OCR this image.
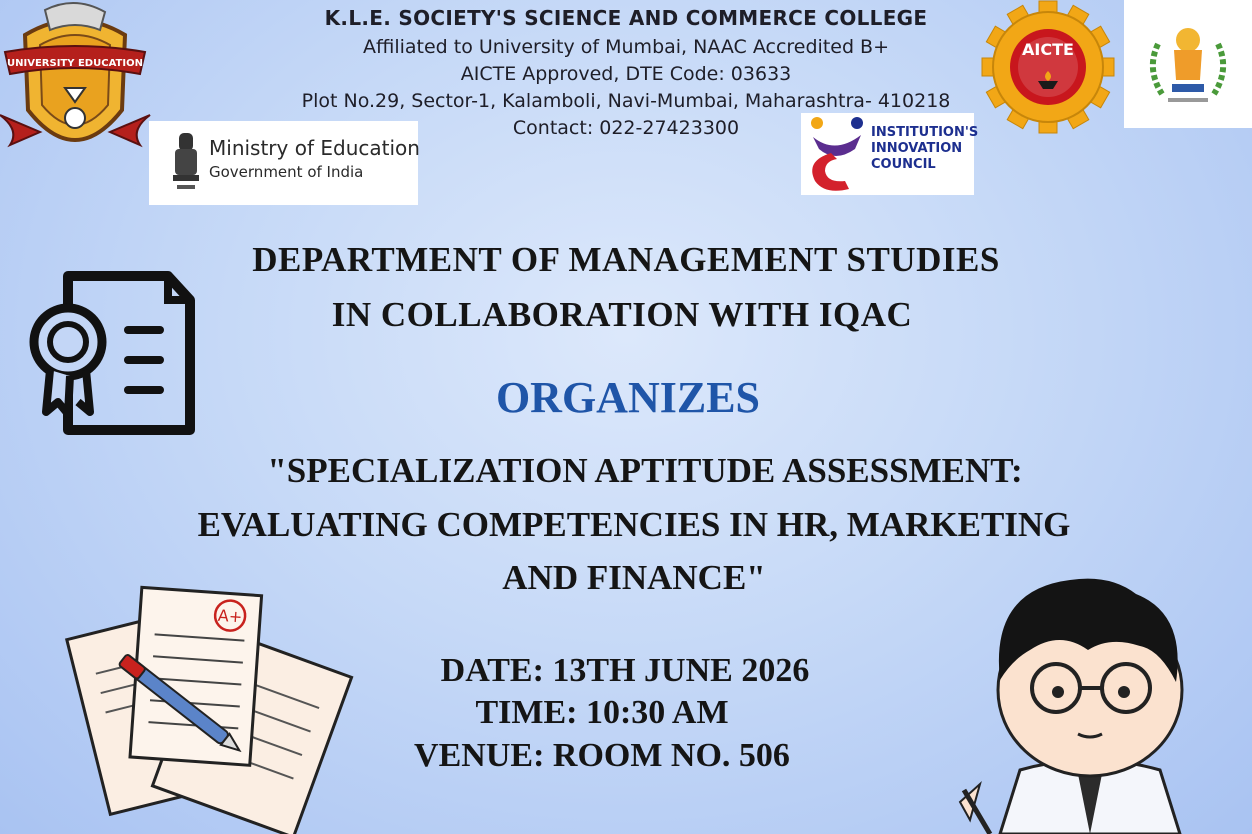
K.L.E. SOCIETY'S SCIENCE AND COMMERCE COLLEGE
Affiliated to University of Mumbai, NAAC Accredited B+
AICTE Approved, DTE Code: 03633
Plot No.29, Sector-1, Kalamboli, Navi-Mumbai, Maharashtra- 410218
Contact: 022-27423300
UNIVERSITY EDUCATION
Ministry of Education
Government of India
INSTITUTION'S
INNOVATION
COUNCIL
AICTE
DEPARTMENT OF MANAGEMENT STUDIES
IN COLLABORATION WITH IQAC
ORGANIZES
"SPECIALIZATION APTITUDE ASSESSMENT:
EVALUATING COMPETENCIES IN HR, MARKETING
AND FINANCE"
DATE: 13TH JUNE 2026
TIME: 10:30 AM
VENUE: ROOM NO. 506
A+
